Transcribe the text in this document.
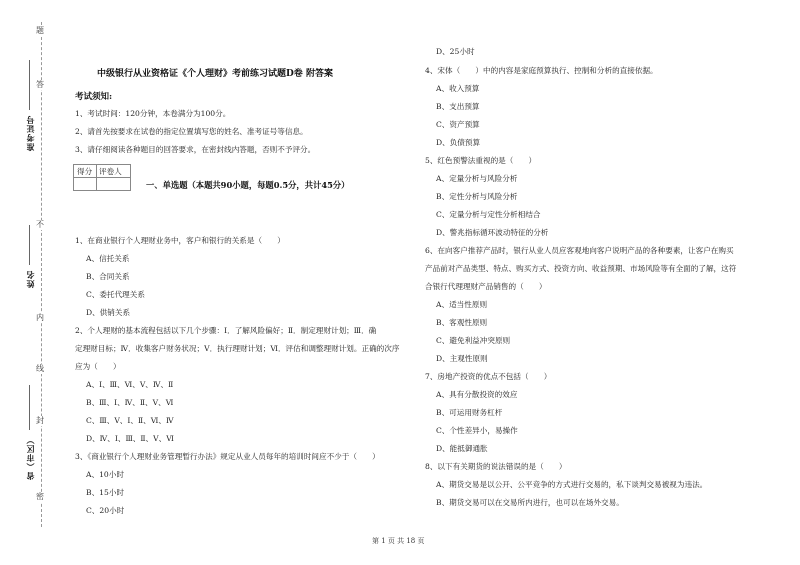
题
答
不
内
线
封
密
准考证号
姓名
省（市区）
中级银行从业资格证《个人理财》考前练习试题D卷 附答案
考试须知:
1、考试时间：120分钟，本卷满分为100分。
2、请首先按要求在试卷的指定位置填写您的姓名、准考证号等信息。
3、请仔细阅读各种题目的回答要求，在密封线内答题，否则不予评分。
得分 评卷人
一、单选题（本题共90小题，每题0.5分，共计45分）
1、在商业银行个人理财业务中，客户和银行的关系是（　　）
A、信托关系
B、合同关系
C、委托代理关系
D、供销关系
2、个人理财的基本流程包括以下几个步骤：Ⅰ．了解风险偏好；Ⅱ．制定理财计划；Ⅲ．确
定理财目标；Ⅳ．收集客户财务状况；Ⅴ．执行理财计划；Ⅵ．评估和调整理财计划。正确的次序
应为（　　）
A、Ⅰ、Ⅲ、Ⅵ、Ⅴ、Ⅳ、Ⅱ
B、Ⅲ、Ⅰ、Ⅳ、Ⅱ、Ⅴ、Ⅵ
C、Ⅲ、Ⅴ、Ⅰ、Ⅱ、Ⅵ、Ⅳ
D、Ⅳ、Ⅰ、Ⅲ、Ⅱ、Ⅴ、Ⅵ
3、《商业银行个人理财业务管理暂行办法》规定从业人员每年的培训时间应不少于（　　）
A、10小时
B、15小时
C、20小时
D、25小时
4、宋体（　　）中的内容是家庭预算执行、控制和分析的直接依据。
A、收入预算
B、支出预算
C、资产预算
D、负债预算
5、红色预警法重视的是（　　）
A、定量分析与风险分析
B、定性分析与风险分析
C、定量分析与定性分析相结合
D、警兆指标循环波动特征的分析
6、在向客户推荐产品时，银行从业人员应客观地向客户说明产品的各种要素，让客户在购买
产品前对产品类型、特点、购买方式、投资方向、收益预期、市场风险等有全面的了解，这符
合银行代理理财产品销售的（　　）
A、适当性原则
B、客观性原则
C、避免利益冲突原则
D、主观性原则
7、房地产投资的优点不包括（　　）
A、具有分散投资的效应
B、可运用财务杠杆
C、个性差异小，易操作
D、能抵御通胀
8、以下有关期货的说法错误的是（　　）
A、期货交易是以公开、公平竞争的方式进行交易的，私下谈判交易被视为违法。
B、期货交易可以在交易所内进行，也可以在场外交易。
第 1 页 共 18 页
